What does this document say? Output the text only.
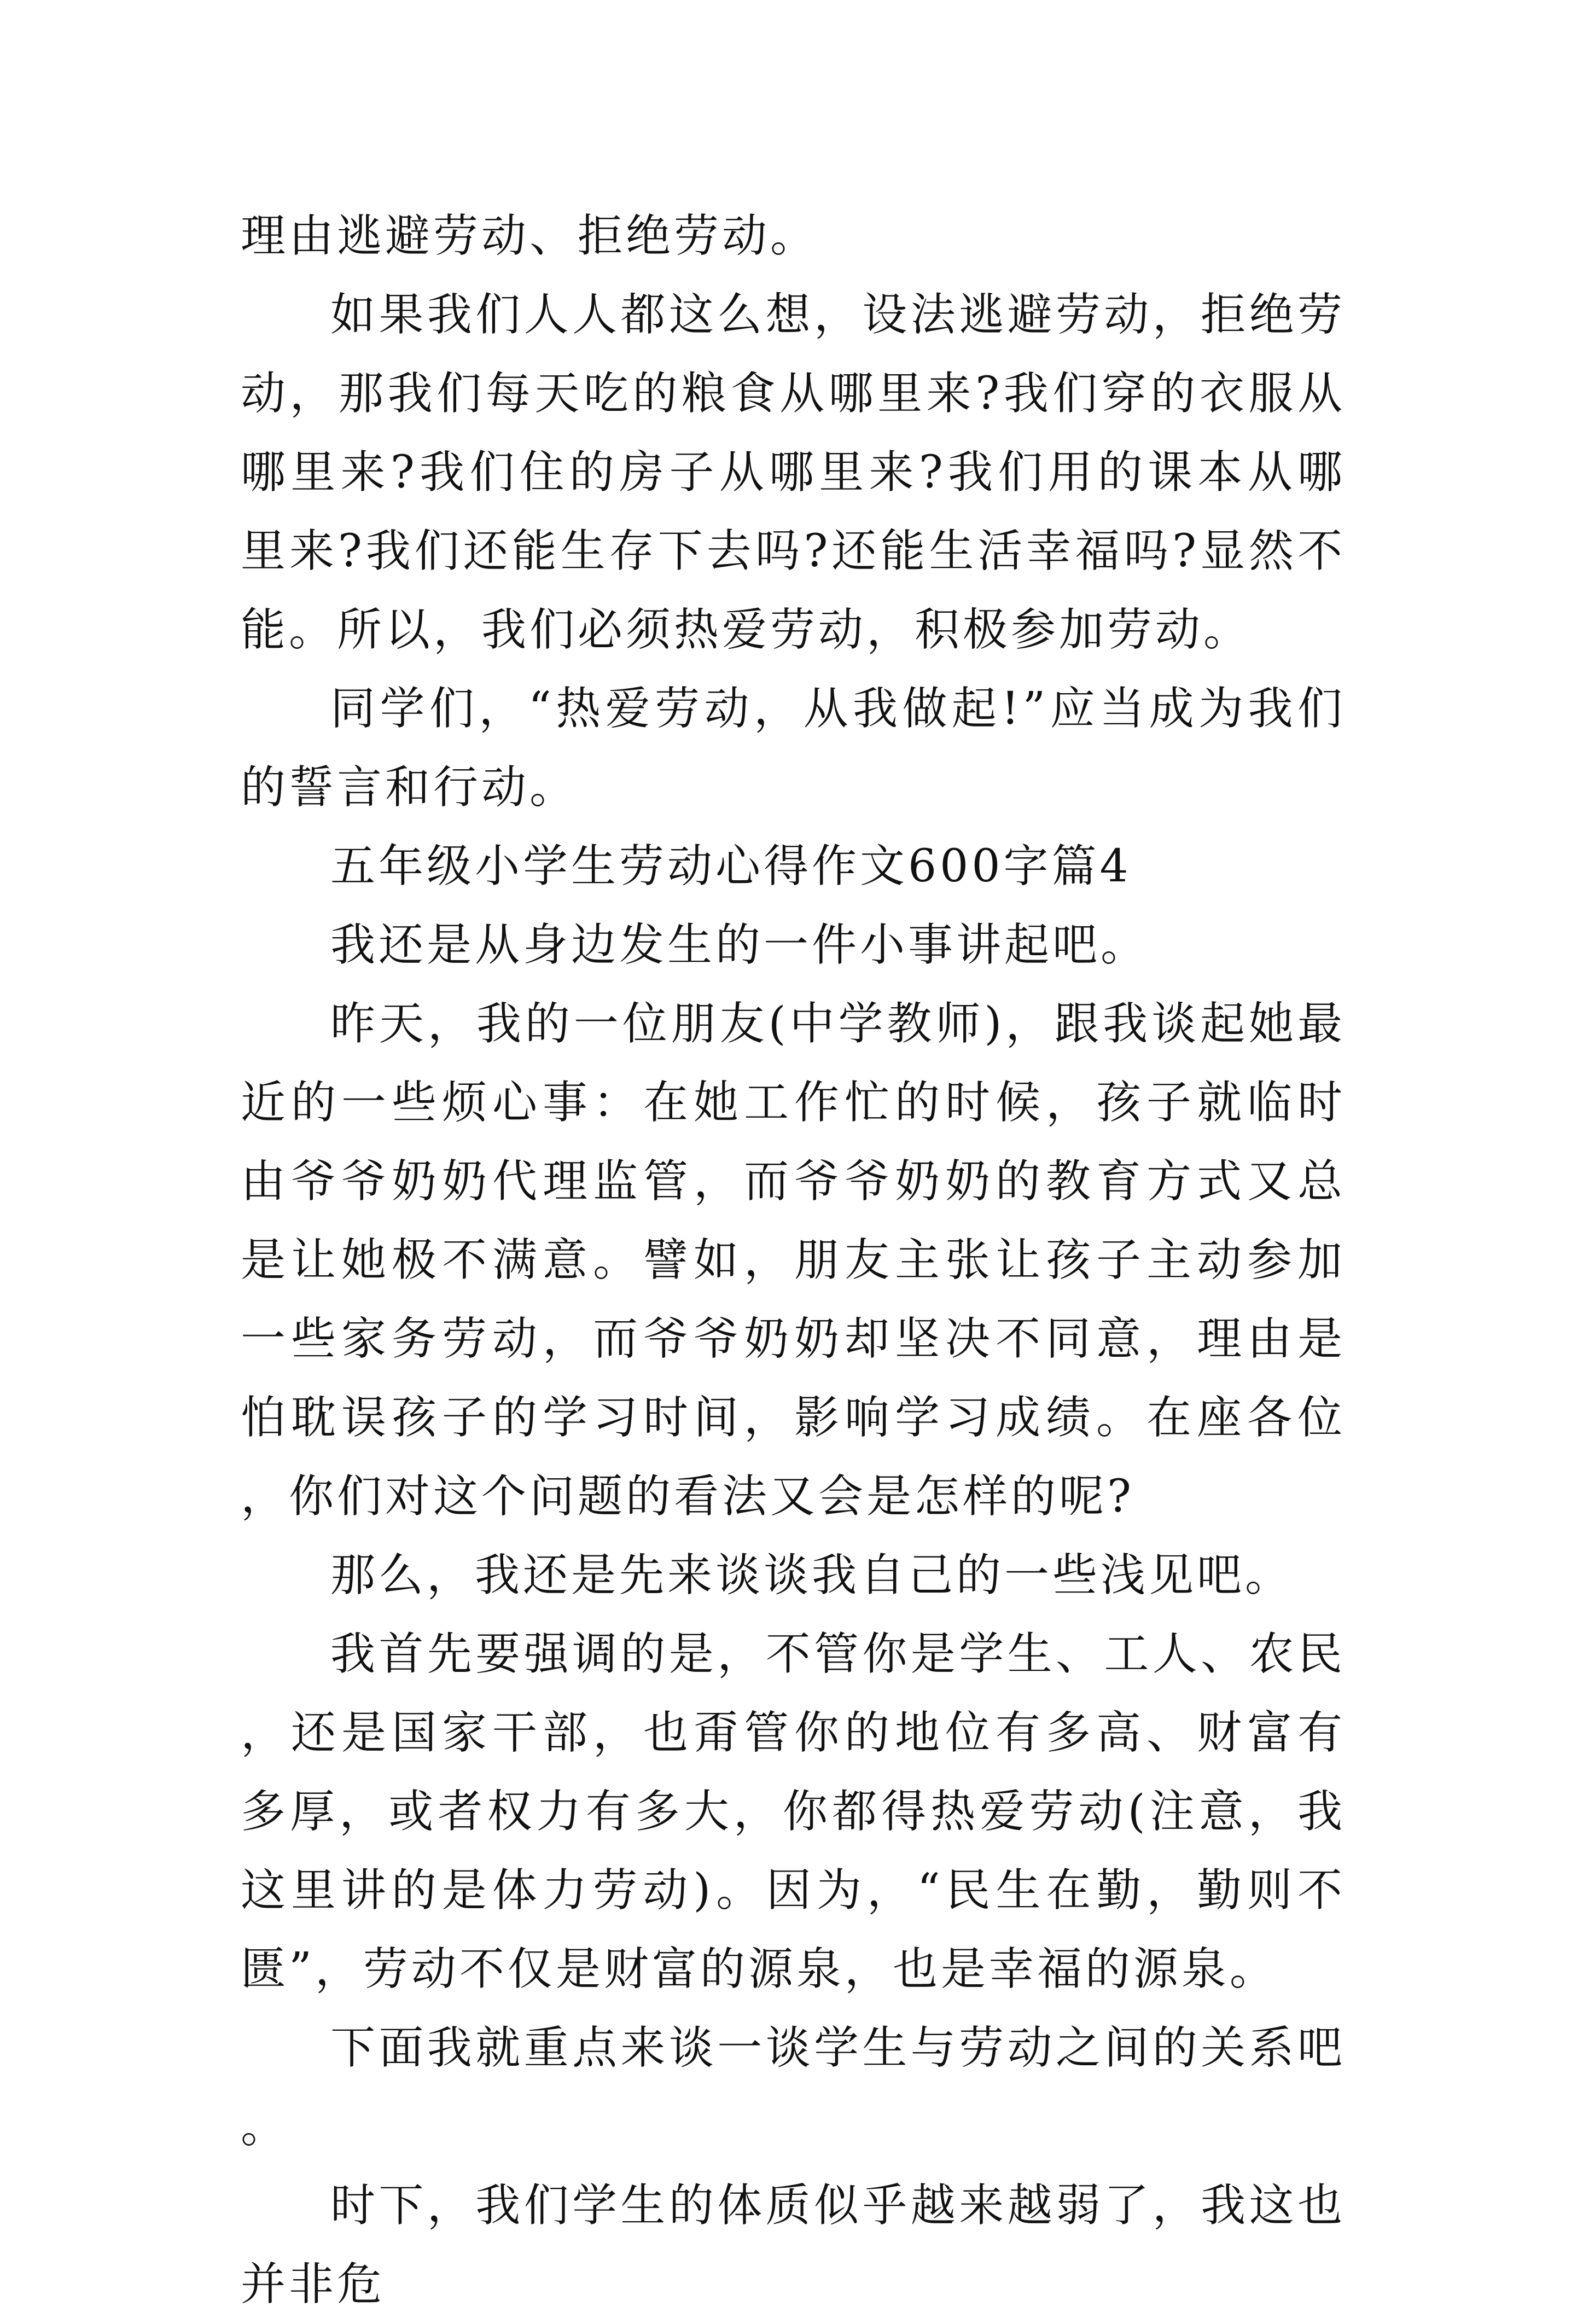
理由逃避劳动、拒绝劳动。

如果我们人人都这么想，设法逃避劳动，拒绝劳动，那我们每天吃的粮食从哪里来?我们穿的衣服从哪里来?我们住的房子从哪里来?我们用的课本从哪里来?我们还能生存下去吗?还能生活幸福吗?显然不能。所以，我们必须热爱劳动，积极参加劳动。

同学们，“热爱劳动，从我做起!”应当成为我们的誓言和行动。

五年级小学生劳动心得作文600字篇4

我还是从身边发生的一件小事讲起吧。

昨天，我的一位朋友(中学教师)，跟我谈起她最近的一些烦心事：在她工作忙的时候，孩子就临时由爷爷奶奶代理监管，而爷爷奶奶的教育方式又总是让她极不满意。譬如，朋友主张让孩子主动参加一些家务劳动，而爷爷奶奶却坚决不同意，理由是怕耽误孩子的学习时间，影响学习成绩。在座各位，你们对这个问题的看法又会是怎样的呢?

那么，我还是先来谈谈我自己的一些浅见吧。

我首先要强调的是，不管你是学生、工人、农民，还是国家干部，也甭管你的地位有多高、财富有多厚，或者权力有多大，你都得热爱劳动(注意，我这里讲的是体力劳动)。因为，“民生在勤，勤则不匮”，劳动不仅是财富的源泉，也是幸福的源泉。

下面我就重点来谈一谈学生与劳动之间的关系吧。

时下，我们学生的体质似乎越来越弱了，我这也并非危
